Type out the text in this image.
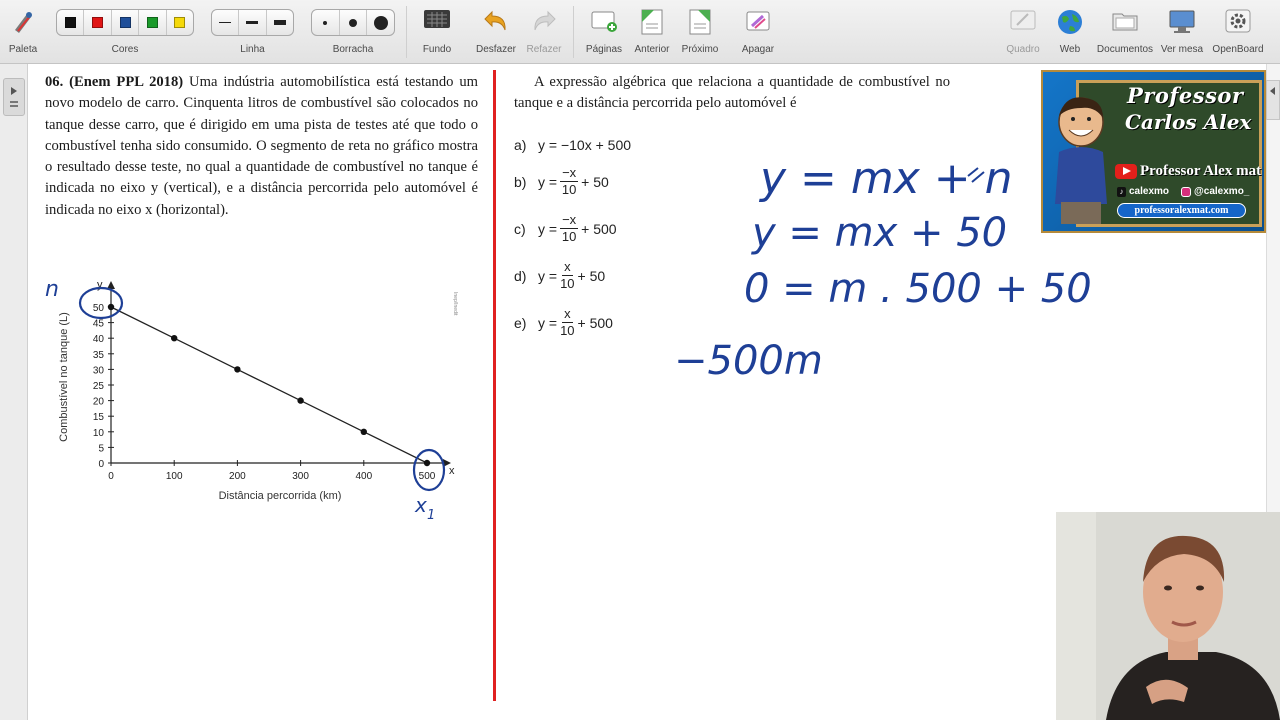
Paleta	Cores	Linha	Borracha	Fundo	Desfazer	Refazer	Páginas	Anterior	Próximo	Apagar	Quadro	Web	Documentos Ver mesa OpenBoard
06. (Enem PPL 2018) Uma indústria automobilística está testando um novo modelo de carro. Cinquenta litros de combustível são colocados no tanque desse carro, que é dirigido em uma pista de testes até que todo o combustível tenha sido consumido. O segmento de reta no gráfico mostra o resultado desse teste, no qual a quantidade de combustível no tanque é indicada no eixo y (vertical), e a distância percorrida pelo automóvel é indicada no eixo x (horizontal).
y
x
Combustível no tanque (L)
Distância percorrida (km)
Inep/Inedit
0
5
10
15
20
25
30
35
40
45
50
0	100	200	300	400	500
A expressão algébrica que relaciona a quantidade de combustível no tanque e a distância percorrida pelo automóvel é
a) y = −10x + 500
b) $y = \frac{-x}{10} + 50$
c) $y = \frac{-x}{10} + 500$
d) $y = \frac{x}{10} + 50$
e) $y = \frac{x}{10} + 500$
y = mx + n
y = mx + 50
0 = m . 500 + 50
−500m
n
x 1
Professor
Carlos Alex
Professor Alex mat
♪ calexmo	@calexmo_
professoralexmat.com
